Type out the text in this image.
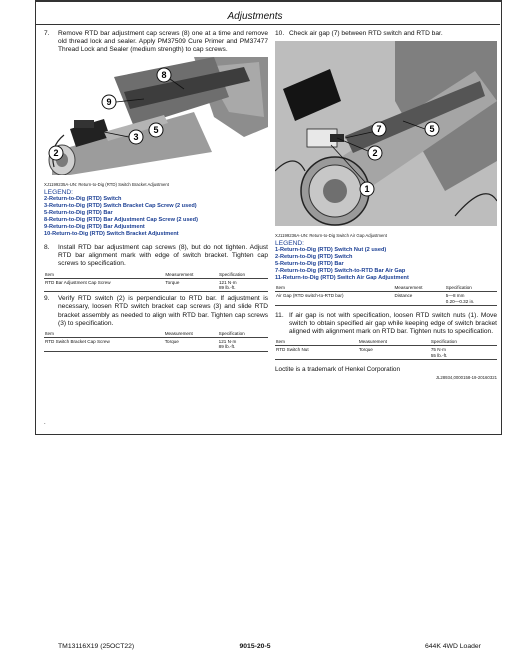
Adjustments
7.	Remove RTD bar adjustment cap screws (8) one at a time and remove old thread lock and sealer. Apply PM37509 Cure Primer and PM37477 Thread Lock and Sealer (medium strength) to cap screws.
8
9
3
5
2
XJ1199235A-UN: Return-to-Dig (RTD) Switch Bracket Adjustment
LEGEND:
2-Return-to-Dig (RTD) Switch
3-Return-to-Dig (RTD) Switch Bracket Cap Screw (2 used)
5-Return-to-Dig (RTD) Bar
8-Return-to-Dig (RTD) Bar Adjustment Cap Screw (2 used)
9-Return-to-Dig (RTD) Bar Adjustment
10-Return-to-Dig (RTD) Switch Bracket Adjustment
8.	Install RTD bar adjustment cap screws (8), but do not tighten. Adjust RTD bar alignment mark with edge of switch bracket. Tighten cap screws to specification.
Item	Measurement	Specification
RTD Bar Adjustment Cap Screw	Torque	121 N·m
89 lb.-ft.
9.	Verify RTD switch (2) is perpendicular to RTD bar. If adjustment is necessary, loosen RTD switch bracket cap screws (3) and slide RTD bracket assembly as needed to align with RTD bar. Tighten cap screws (3) to specification.
Item	Measurement	Specification
RTD Switch Bracket Cap Screw	Torque	121 N·m
89 lb.-ft.
.
10. Check air gap (7) between RTD switch and RTD bar.
7	5
1
2
XJ1199236A-UN: Return-to-Dig Switch Air Gap Adjustment
LEGEND:
1-Return-to-Dig (RTD) Switch Nut (2 used)
2-Return-to-Dig (RTD) Switch
5-Return-to-Dig (RTD) Bar
7-Return-to-Dig (RTD) Switch-to-RTD Bar Air Gap
11-Return-to-Dig (RTD) Switch Air Gap Adjustment
Item	Measurement	Specification
Air Gap (RTD switch-to-RTD bar)	Distance	5—8 mm
0.20—0.32 in.
11. If air gap is not with specification, loosen RTD switch nuts (1). Move switch to obtain specified air gap while keeping edge of switch bracket aligned with alignment mark on RTD bar. Tighten nuts to specification.
Item	Measurement	Specification
RTD Switch Nut	Torque	75 N·m
55 lb.-ft.
Loctite is a trademark of Henkel Corporation
JL28934,0000158-19-20160321
TM13116X19 (25OCT22)	9015-20-5	644K 4WD Loader
